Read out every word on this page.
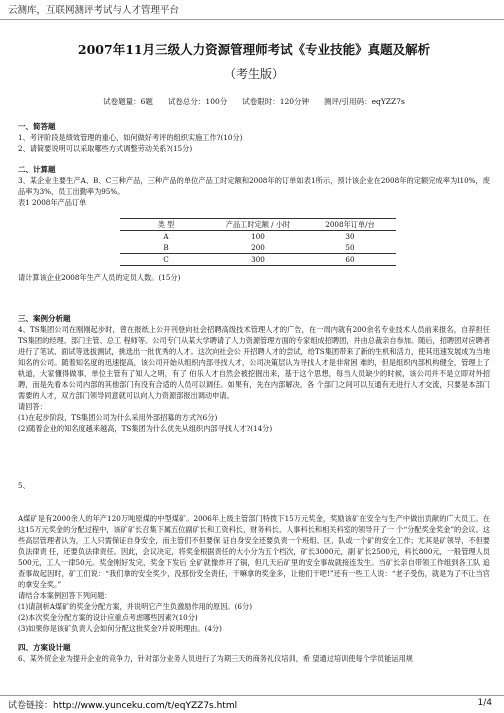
云测库，互联网测评考试与人才管理平台
2007年11月三级人力资源管理师考试《专业技能》真题及解析
（考生版）
试卷题量：6题　　试卷总分：100分　　试卷限时：120分钟　　测评/引用码：eqYZZ7s
一、简答题

1、考评阶段是绩效管理的重心，如何做好考评的组织实施工作?(10分)

2、请简要说明可以采取哪些方式调整劳动关系?(15分)

二、计算题

3、某企业主要生产A、B、C三种产品，三种产品的单位产品工时定额和2008年的订单如表1所示，预计该企业在2008年的定额完成率为l10%，废品率为3%，员工出勤率为95%。

表1 2008年产品订单

类 型	产品工时定额 / 小时	2008年订单/台
A	100	30
B	200	50
C	300	60

请计算该企业2008年生产人员的定员人数。(15分)

三、案例分析题

4、TS集团公司在刚刚起步时，曾在报纸上公开刊登向社会招聘高级技术管理人才的广告，在一周内就有200余名专业技术人员前来报名，自荐担任TS集团的经理、部门主管、总工 程师等。公司专门从某大学聘请了人力资源管理方面的专家组成招聘团，并由总裁亲自参加。随后，招聘团对应聘者进行了笔试、面试等选拔测试，挑选出一批优秀的人才。这次向社会公 开招聘人才的尝试，给TS集团带来了新的生机和活力，使其迅速发展成为当地知名的公司。随着知名度的迅速提高，该公司开始从组织内部寻找人才，公司决策层认为寻找人才是非常困 难的，但是组织内部机构健全，管理上了轨道，大家懂得做事，单位主管有了知人之明，有了 伯乐人才自然会被挖掘出来，基于这个思想，每当人员缺少的时候，该公司并不是立即对外招聘，而是先看本公司内部的其他部门有没有合适的人员可以调任。如果有，先在内部解决，各 个部门之间可以互通有无进行人才交流，只要是本部门需要的人才，双方部门领导同意就可以向人力资源部报出调动申请。

请回答：

(1)在起步阶段，TS集团公司为什么采用外部招募的方式?(6分)

(2)随着企业的知名度越来越高，TS集团为什么优先从组织内部寻找人才?(14分)

5、

A煤矿是有2000余人的年产120万吨原煤的中型煤矿。2006年上级主管部门特拨下15万元奖金，奖励该矿在安全与生产中做出贡献的广大员工。在这15万元奖金的分配过程中，该矿矿长召集下属五位副矿长和工资科长、财务科长、人事科长和相关科室的领导开了一 个“分配奖金奖金”的会议。这些高层管理者认为，工人只需保证自身安全，而主管们不但要保 证自身安全还要负责一个班组、区、队或一个矿的安全工作；尤其是矿领导，不但要负法律责 任，还要负法律责任。因此，会议决定，将奖金根据责任的大小分为五个档次，矿长3000元，副 矿长2500元，科长800元，一般管理人员500元，工人一律50元。奖金刚好发完，奖金下发后 全矿就像炸开了锅，但几天后矿里的安全事故就接连发生。当矿长亲自带领工作组到各工队 追查事故起因时，矿工们说：“我们拿的安全奖少，没那份安全责任，干嘛拿的奖金多，让他们干吧!”还有一些工人说：“老子受伤，就是为了不让当官的拿安全奖。”

请结合本案例回答下列问题：

(1)请剖析A煤矿的奖金分配方案，并说明它产生负激励作用的原因。(6分)

(2)本次奖金分配方案的设计应重点考虑哪些因素?(10分)

(3)如果你是该矿负责人会如何分配这批奖金?并说明理由。(4分)

四、方案设计题

6、某外贸企业为提升企业的竞争力，针对部分业务人员进行了为期三天的商务礼仪培训，希 望通过培训使每个学员能运用规

试卷链接：http://www.yunceku.com/t/eqYZZ7s.html	1/4
